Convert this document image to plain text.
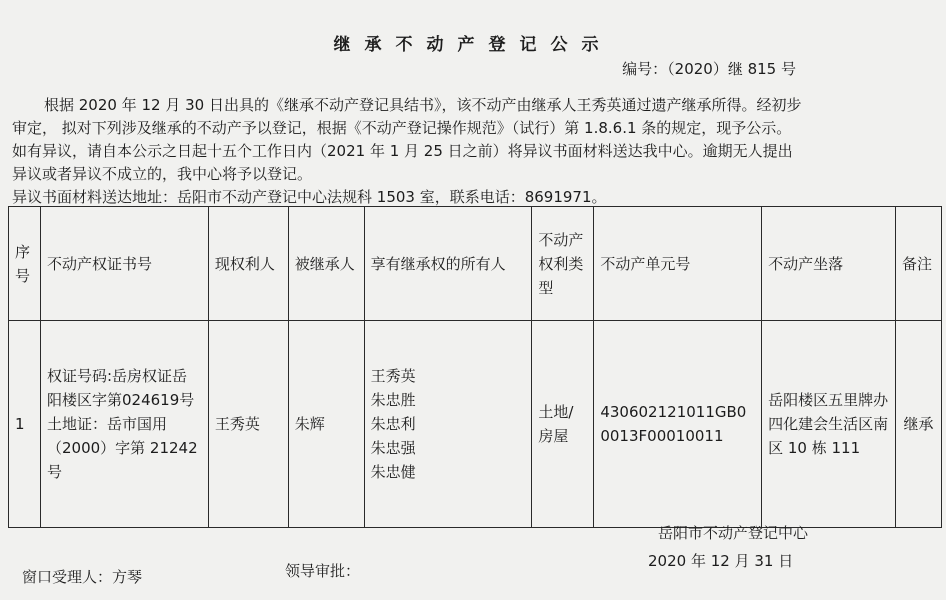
继承不动产登记公示
编号：（2020）继 815 号
根据 2020 年 12 月 30 日出具的《继承不动产登记具结书》，该不动产由继承人王秀英通过遗产继承所得。经初步
审定， 拟对下列涉及继承的不动产予以登记，根据《不动产登记操作规范》（试行）第 1.8.6.1 条的规定，现予公示。
如有异议，请自本公示之日起十五个工作日内（2021 年 1 月 25 日之前）将异议书面材料送达我中心。逾期无人提出
异议或者异议不成立的，我中心将予以登记。
异议书面材料送达地址：岳阳市不动产登记中心法规科 1503 室，联系电话：8691971。
序号	不动产权证书号	现权利人	被继承人	享有继承权的所有人	不动产权利类型	不动产单元号	不动产坐落	备注
1	权证号码:岳房权证岳阳楼区字第024619号
土地证：岳市国用（2000）字第 21242 号	王秀英	朱辉	王秀英
朱忠胜
朱忠利
朱忠强
朱忠健	土地/房屋	430602121011GB00013F00010011	岳阳楼区五里牌办四化建会生活区南区 10 栋 111	继承
岳阳市不动产登记中心
2020 年 12 月 31 日
窗口受理人：方琴	领导审批：
